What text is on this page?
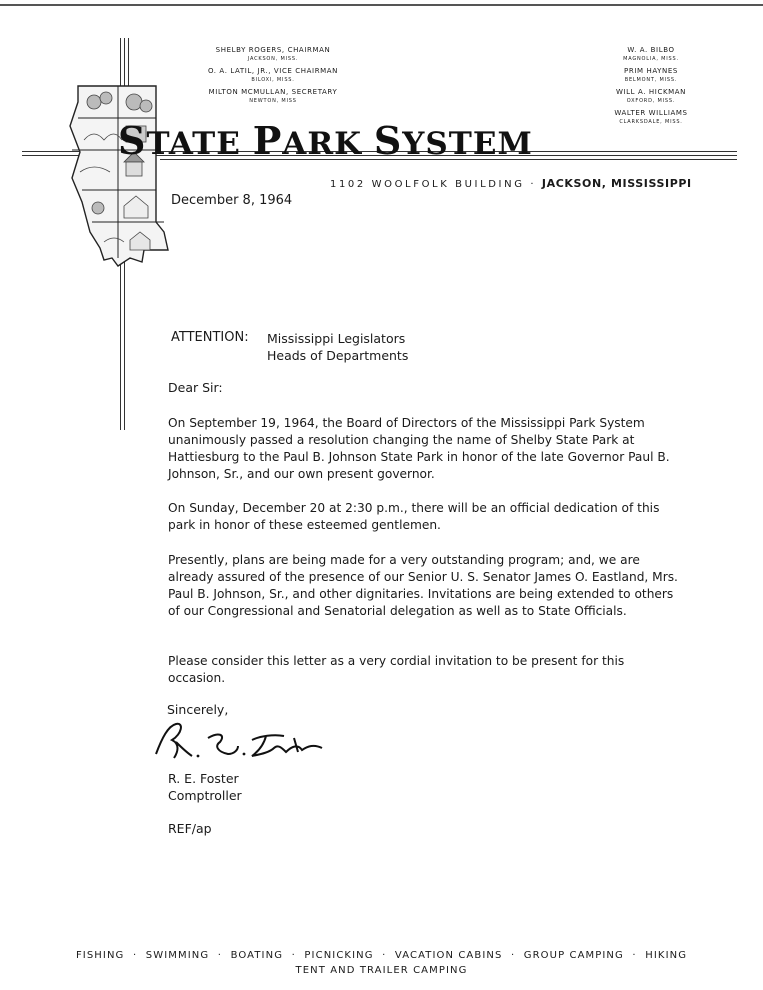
SHELBY ROGERS, CHAIRMAN
JACKSON, MISS.
O. A. LATIL, JR., VICE CHAIRMAN
BILOXI, MISS.
MILTON MCMULLAN, SECRETARY
NEWTON, MISS
W. A. BILBO
MAGNOLIA, MISS.
PRIM HAYNES
BELMONT, MISS.
WILL A. HICKMAN
OXFORD, MISS.
WALTER WILLIAMS
CLARKSDALE, MISS.
STATE PARK SYSTEM
1102 WOOLFOLK BUILDING · JACKSON, MISSISSIPPI
December 8, 1964
ATTENTION: Mississippi Legislators
Heads of Departments
Dear Sir:

On September 19, 1964, the Board of Directors of the Mississippi Park System unanimously passed a resolution changing the name of Shelby State Park at Hattiesburg to the Paul B. Johnson State Park in honor of the late Governor Paul B. Johnson, Sr., and our own present governor.

On Sunday, December 20 at 2:30 p.m., there will be an official dedication of this park in honor of these esteemed gentlemen.

Presently, plans are being made for a very outstanding program; and, we are already assured of the presence of our Senior U. S. Senator James O. Eastland, Mrs. Paul B. Johnson, Sr., and other dignitaries. Invitations are being extended to others of our Congressional and Senatorial delegation as well as to State Officials.

Please consider this letter as a very cordial invitation to be present for this occasion.

Sincerely,
R. E. Foster
Comptroller
REF/ap
FISHING  ·  SWIMMING  ·  BOATING  ·  PICNICKING  ·  VACATION CABINS  ·  GROUP CAMPING  ·  HIKING
TENT AND TRAILER CAMPING
